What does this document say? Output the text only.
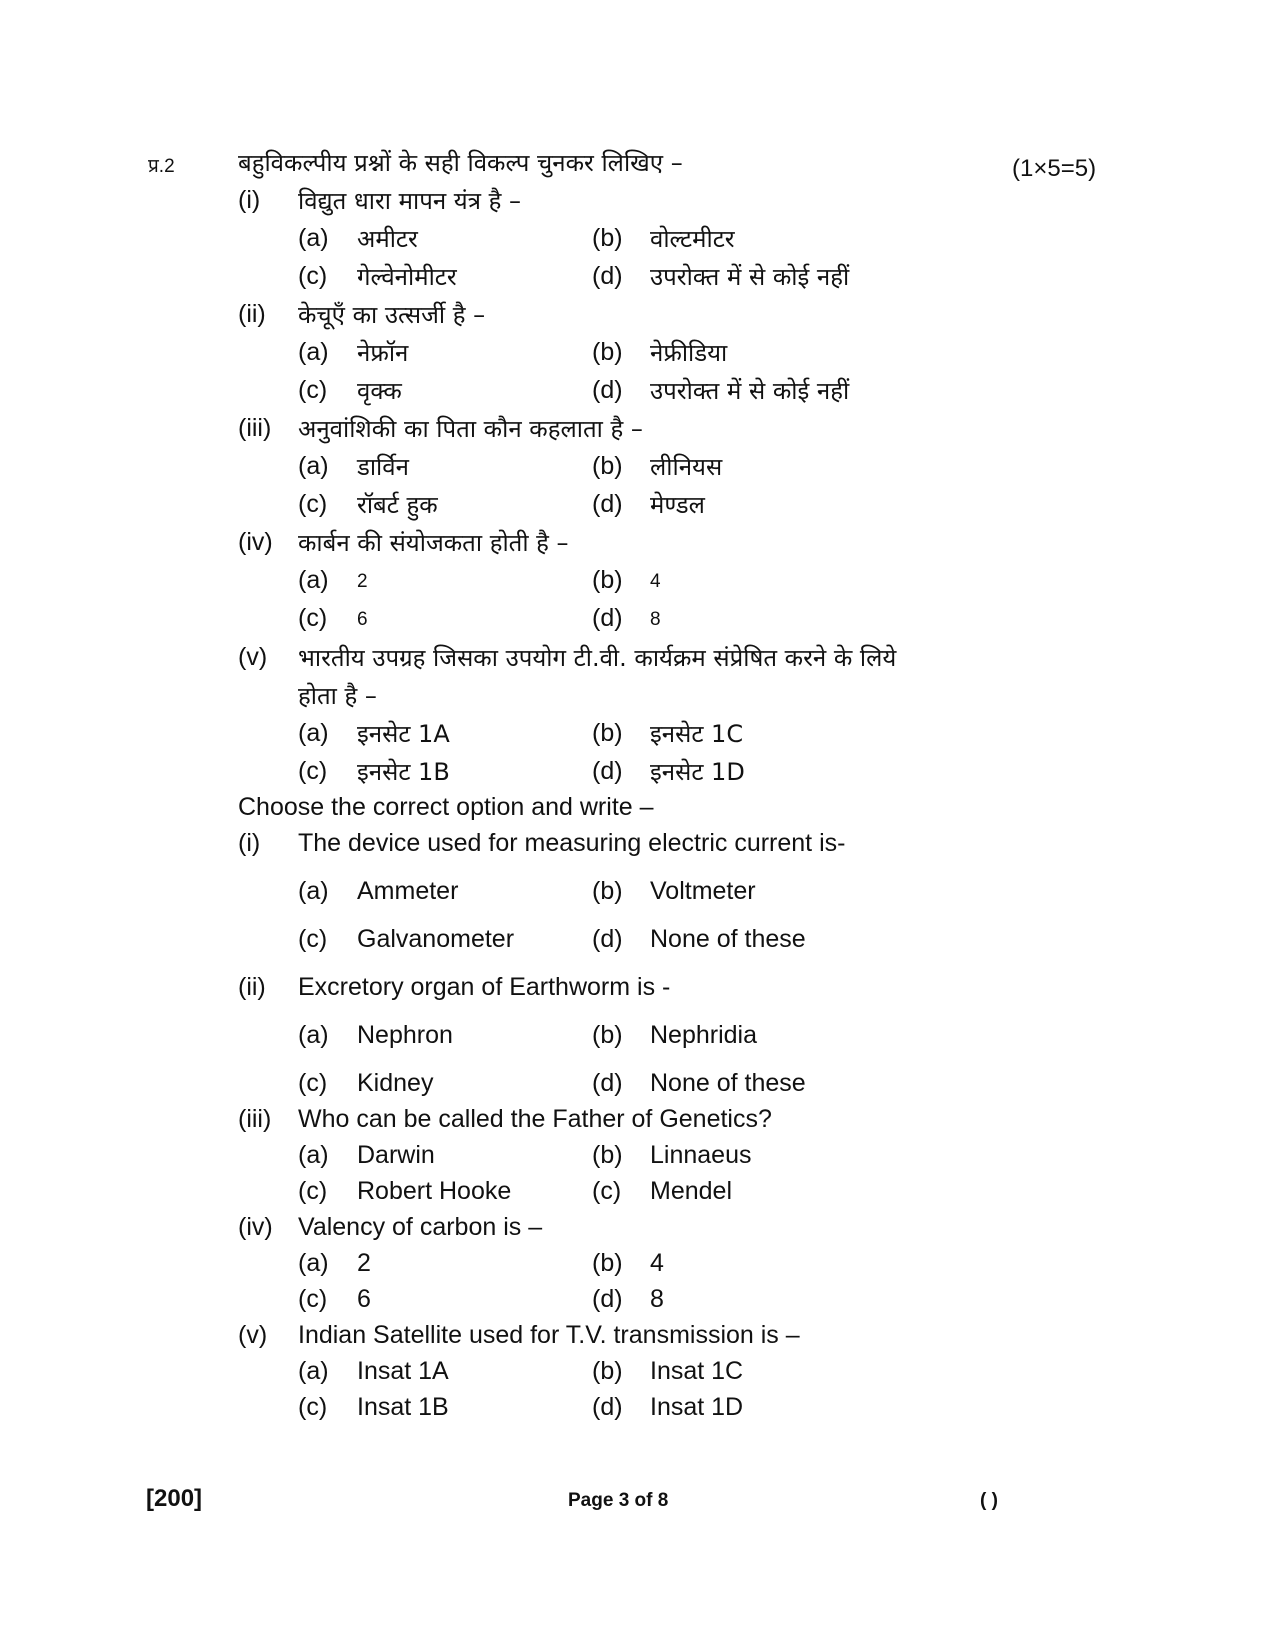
प्र.2	बहुविकल्पीय प्रश्नों के सही विकल्प चुनकर लिखिए –	(1×5=5)
(i) विद्युत धारा मापन यंत्र है –
(a) अमीटर	(b) वोल्टमीटर
(c) गेल्वेनोमीटर	(d) उपरोक्त में से कोई नहीं
(ii) केचूएँ का उत्सर्जी है –
(a) नेफ्रॉन	(b) नेफ्रीडिया
(c) वृक्क	(d) उपरोक्त में से कोई नहीं
(iii) अनुवांशिकी का पिता कौन कहलाता है –
(a) डार्विन	(b) लीनियस
(c) रॉबर्ट हुक	(d) मेण्डल
(iv) कार्बन की संयोजकता होती है –
(a) 2	(b) 4
(c) 6	(d) 8
(v) भारतीय उपग्रह जिसका उपयोग टी.वी. कार्यक्रम संप्रेषित करने के लिये
होता है –
(a) इनसेट 1A	(b) इनसेट 1C
(c) इनसेट 1B	(d) इनसेट 1D
Choose the correct option and write –
(i) The device used for measuring electric current is-
(a) Ammeter	(b) Voltmeter
(c) Galvanometer	(d) None of these
(ii) Excretory organ of Earthworm is -
(a) Nephron	(b) Nephridia
(c) Kidney	(d) None of these
(iii) Who can be called the Father of Genetics?
(a) Darwin	(b) Linnaeus
(c) Robert Hooke	(c) Mendel
(iv) Valency of carbon is –
(a) 2	(b) 4
(c) 6	(d) 8
(v) Indian Satellite used for T.V. transmission is –
(a) Insat 1A	(b) Insat 1C
(c) Insat 1B	(d) Insat 1D
[200]	Page 3 of 8	( )
